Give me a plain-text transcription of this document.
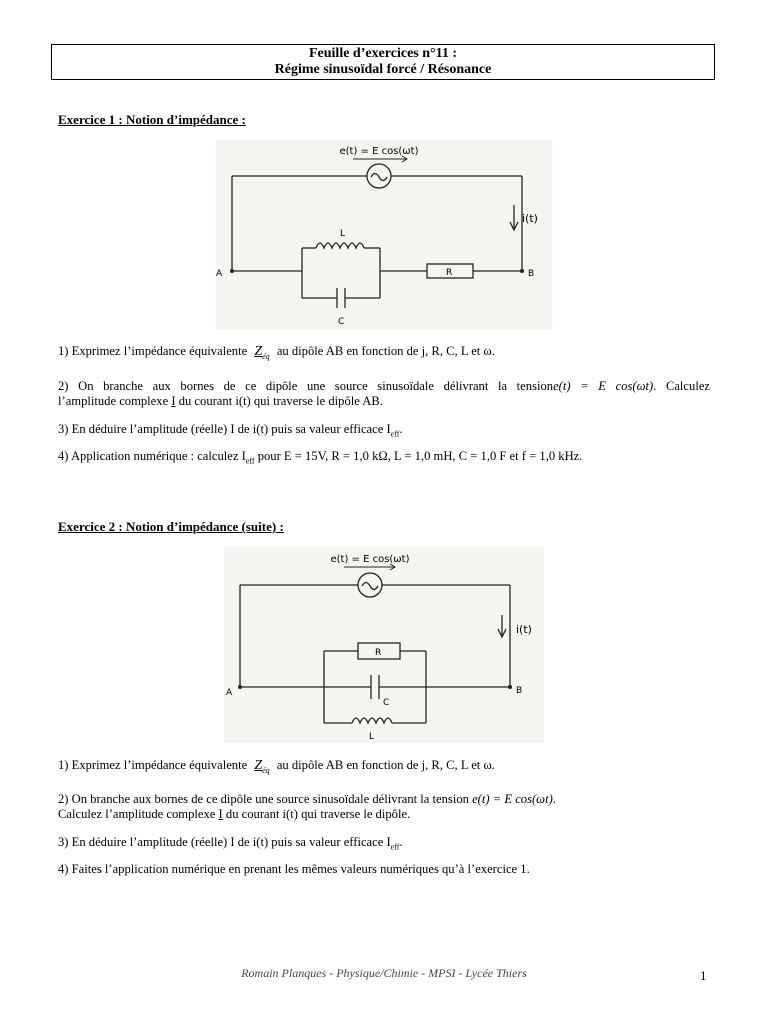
Feuille d’exercices n°11 :
Régime sinusoïdal forcé / Résonance
Exercice 1 : Notion d’impédance :
e(t) = E cos(ωt)
i(t)
A	B
L
C
R
1) Exprimez l’impédance équivalente $Z_{éq}$ au dipôle AB en fonction de j, R, C, L et ω.
2) On branche aux bornes de ce dipôle une source sinusoïdale délivrant la tensione(t) = E cos(ωt). Calculez
l’amplitude complexe I du courant i(t) qui traverse le dipôle AB.
3) En déduire l’amplitude (réelle) I de i(t) puis sa valeur efficace $I_{eff}$.
4) Application numérique : calculez $I_{eff}$ pour E = 15V, R = 1,0 kΩ, L = 1,0 mH, C = 1,0 F et f = 1,0 kHz.
Exercice 2 : Notion d’impédance (suite) :
e(t) = E cos(ωt)
i(t)
A	B
R
C
L
1) Exprimez l’impédance équivalente $Z_{éq}$ au dipôle AB en fonction de j, R, C, L et ω.
2) On branche aux bornes de ce dipôle une source sinusoïdale délivrant la tension e(t) = E cos(ωt).
Calculez l’amplitude complexe I du courant i(t) qui traverse le dipôle.
3) En déduire l’amplitude (réelle) I de i(t) puis sa valeur efficace $I_{eff}$.
4) Faites l’application numérique en prenant les mêmes valeurs numériques qu’à l’exercice 1.
Romain Planques - Physique/Chimie - MPSI - Lycée Thiers	1
